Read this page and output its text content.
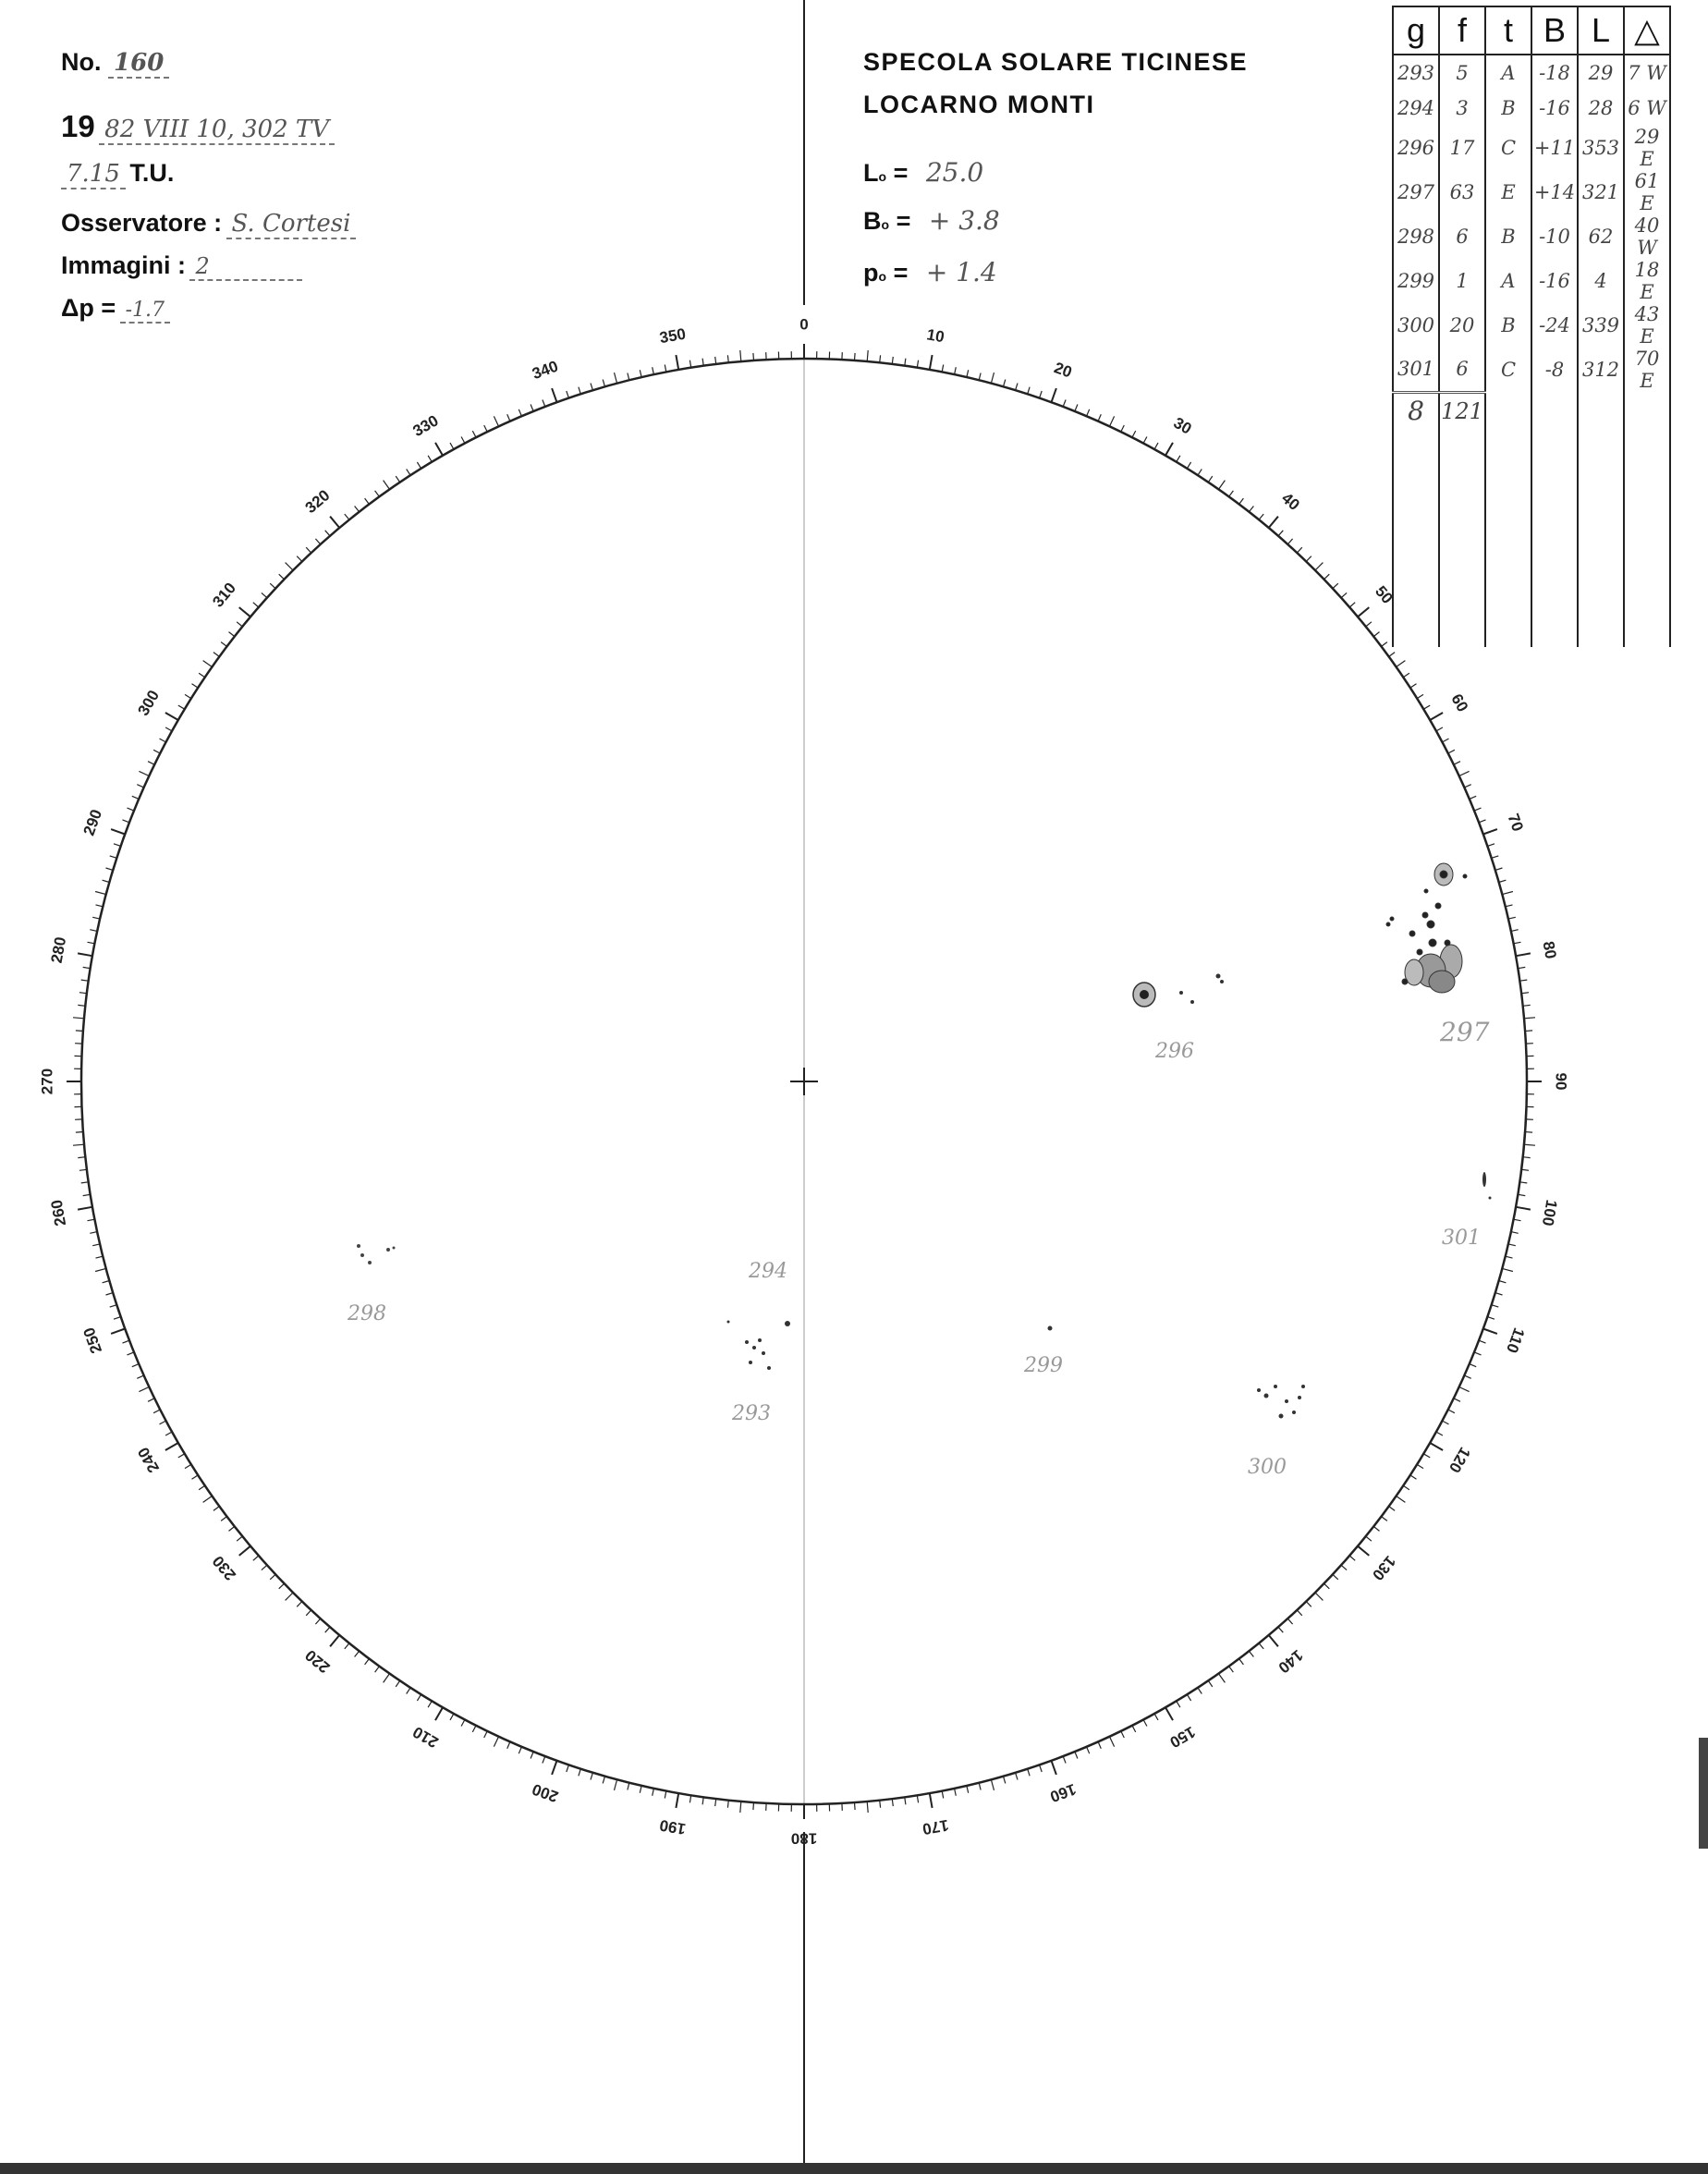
No. 160
19 82 VIII 10, 302 TV
7.15 T.U.
Osservatore : S. Cortesi
Immagini : 2
Δp = -1.7
SPECOLA SOLARE TICINESE
LOCARNO MONTI
Lo = 25.0
Bo = + 3.8
po = + 1.4
g	f	t	B	L	△
293	5	A	-18	29	7 W
294	3	B	-16	28	6 W
296	17	C	+11	353	29 E
297	63	E	+14	321	61 E
298	6	B	-10	62	40 W
299	1	A	-16	4	18 E
300	20	B	-24	339	43 E
301	6	C	-8	312	70 E
8	121				

0
10
20
30
40
50
60
70
80
90
100
110
120
130
140
150
160
170
180
190
200
210
220
230
240
250
260
270
280
290
300
310
320
330
340
350
297
296
298
294
293
299
300
301
